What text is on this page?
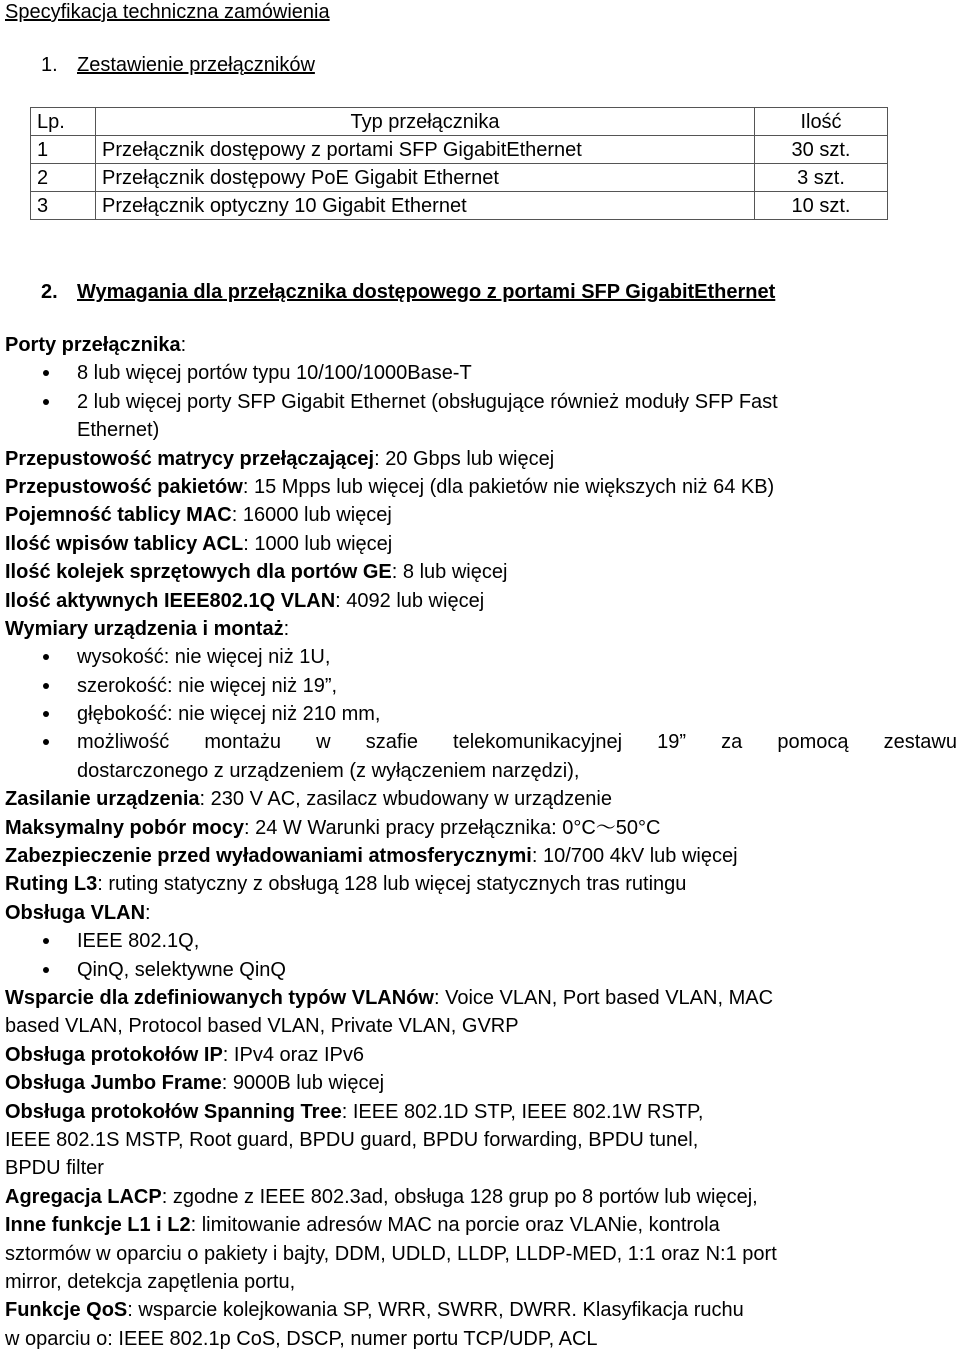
Specyfikacja techniczna zamówienia
1. Zestawienie przełączników
Lp.	Typ przełącznika	Ilość
1	Przełącznik dostępowy z portami SFP GigabitEthernet	30 szt.
2	Przełącznik dostępowy PoE Gigabit Ethernet	3 szt.
3	Przełącznik optyczny 10 Gigabit Ethernet	10 szt.
2. Wymagania dla przełącznika dostępowego z portami SFP GigabitEthernet
Porty przełącznika:
8 lub więcej portów typu 10/100/1000Base-T
2 lub więcej porty SFP Gigabit Ethernet (obsługujące również moduły SFP Fast
Ethernet)
Przepustowość matrycy przełączającej: 20 Gbps lub więcej
Przepustowość pakietów: 15 Mpps lub więcej (dla pakietów nie większych niż 64 KB)
Pojemność tablicy MAC: 16000 lub więcej
Ilość wpisów tablicy ACL: 1000 lub więcej
Ilość kolejek sprzętowych dla portów GE: 8 lub więcej
Ilość aktywnych IEEE802.1Q VLAN: 4092 lub więcej
Wymiary urządzenia i montaż:
wysokość: nie więcej niż 1U,
szerokość: nie więcej niż 19”,
głębokość: nie więcej niż 210 mm,
możliwość montażu w szafie telekomunikacyjnej 19” za pomocą zestawu
dostarczonego z urządzeniem (z wyłączeniem narzędzi),
Zasilanie urządzenia: 230 V AC, zasilacz wbudowany w urządzenie
Maksymalny pobór mocy: 24 W Warunki pracy przełącznika: 0°C～50°C
Zabezpieczenie przed wyładowaniami atmosferycznymi: 10/700 4kV lub więcej
Ruting L3: ruting statyczny z obsługą 128 lub więcej statycznych tras rutingu
Obsługa VLAN:
IEEE 802.1Q,
QinQ, selektywne QinQ
Wsparcie dla zdefiniowanych typów VLANów: Voice VLAN, Port based VLAN, MAC
based VLAN, Protocol based VLAN, Private VLAN, GVRP
Obsługa protokołów IP: IPv4 oraz IPv6
Obsługa Jumbo Frame: 9000B lub więcej
Obsługa protokołów Spanning Tree: IEEE 802.1D STP, IEEE 802.1W RSTP,
IEEE 802.1S MSTP, Root guard, BPDU guard, BPDU forwarding, BPDU tunel,
BPDU filter
Agregacja LACP: zgodne z IEEE 802.3ad, obsługa 128 grup po 8 portów lub więcej,
Inne funkcje L1 i L2: limitowanie adresów MAC na porcie oraz VLANie, kontrola
sztormów w oparciu o pakiety i bajty, DDM, UDLD, LLDP, LLDP-MED, 1:1 oraz N:1 port
mirror, detekcja zapętlenia portu,
Funkcje QoS: wsparcie kolejkowania SP, WRR, SWRR, DWRR. Klasyfikacja ruchu
w oparciu o: IEEE 802.1p CoS, DSCP, numer portu TCP/UDP, ACL
